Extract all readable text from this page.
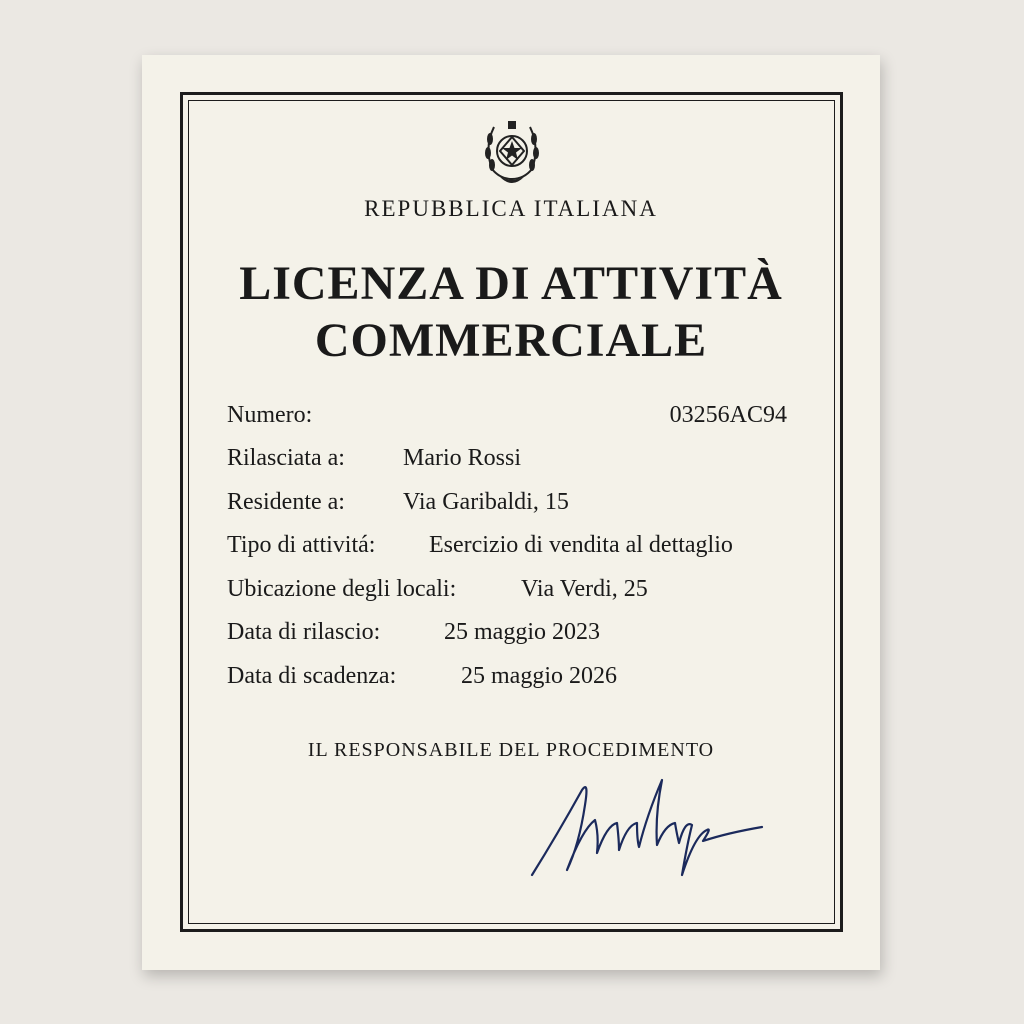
REPUBBLICA ITALIANA
LICENZA DI ATTIVITÀ
COMMERCIALE
Numero:	03256AC94
Rilasciata a: Mario Rossi
Residente a: Via Garibaldi, 15
Tipo di attivitá: Esercizio di vendita al dettaglio
Ubicazione degli locali:	Via Verdi, 25
Data di rilascio:	25 maggio 2023
Data di scadenza:	25 maggio 2026
IL RESPONSABILE DEL PROCEDIMENTO
